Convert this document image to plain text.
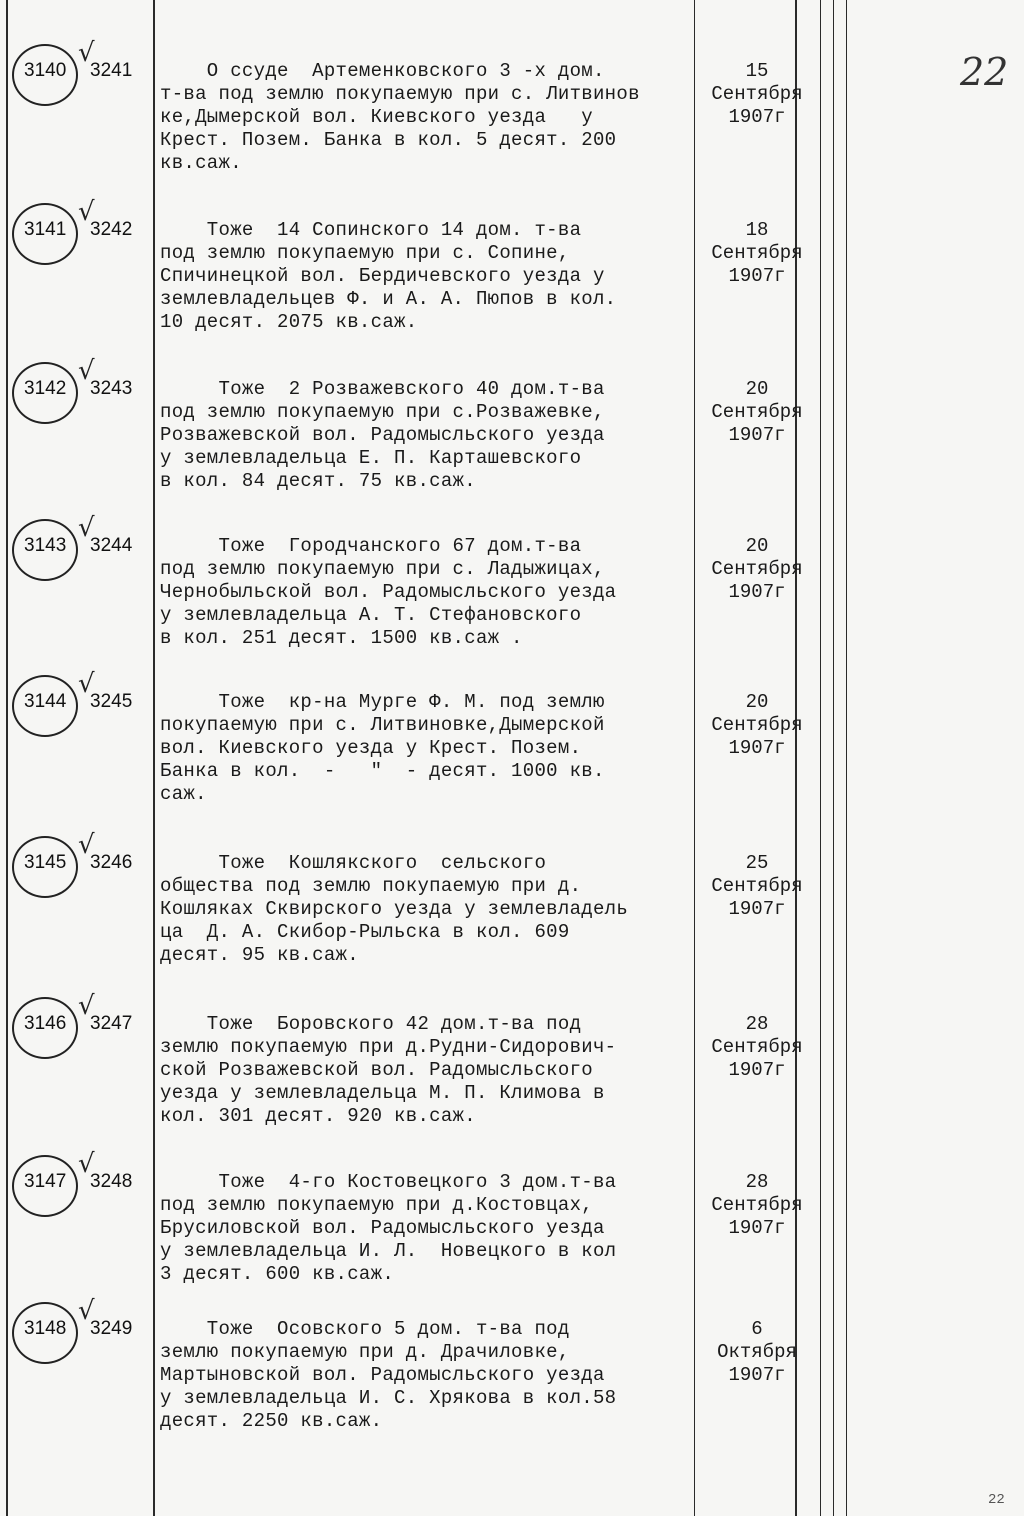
22
3140
√
3241 О ссуде  Артеменковского 3 -х дом.
т-ва под землю покупаемую при с. Литвинов
ке,Дымерской вол. Киевского уезда   у
Крест. Позем. Банка в кол. 5 десят. 200
кв.саж.
15
Сентября
1907г
3141
√
3242 Тоже  14 Сопинского 14 дом. т-ва
под землю покупаемую при с. Сопине,
Спичинецкой вол. Бердичевского уезда у
землевладельцев Ф. и А. А. Пюпов в кол.
10 десят. 2075 кв.саж.
18
Сентября
1907г
3142
√
3243 Тоже  2 Розважевского 40 дом.т-ва
под землю покупаемую при с.Розважевке,
Розважевской вол. Радомысльского уезда
у землевладельца Е. П. Карташевского
в кол. 84 десят. 75 кв.саж.
20
Сентября
1907г
3143
√
3244 Тоже  Городчанского 67 дом.т-ва
под землю покупаемую при с. Ладыжицах,
Чернобыльской вол. Радомысльского уезда
у землевладельца А. Т. Стефановского
в кол. 251 десят. 1500 кв.саж .
20
Сентября
1907г
3144
√
3245 Тоже  кр-на Мурге Ф. М. под землю
покупаемую при с. Литвиновке,Дымерской
вол. Киевского уезда у Крест. Позем.
Банка в кол.  -   "  - десят. 1000 кв.
саж.
20
Сентября
1907г
3145
√
3246 Тоже  Кошлякского  сельского
общества под землю покупаемую при д.
Кошляках Сквирского уезда у землевладель
ца  Д. А. Скибор-Рыльска в кол. 609
десят. 95 кв.саж.
25
Сентября
1907г
3146
√
3247 Тоже  Боровского 42 дом.т-ва под
землю покупаемую при д.Рудни-Сидорович-
ской Розважевской вол. Радомысльского
уезда у землевладельца М. П. Климова в
кол. 301 десят. 920 кв.саж.
28
Сентября
1907г
3147
√
3248 Тоже  4-го Костовецкого 3 дом.т-ва
под землю покупаемую при д.Костовцах,
Брусиловской вол. Радомысльского уезда
у землевладельца И. Л.  Новецкого в кол
3 десят. 600 кв.саж.
28
Сентября
1907г
3148
√
3249 Тоже  Осовского 5 дом. т-ва под
землю покупаемую при д. Драчиловке,
Мартыновской вол. Радомысльского уезда
у землевладельца И. С. Хрякова в кол.58
десят. 2250 кв.саж.
6
Октября
1907г
22
